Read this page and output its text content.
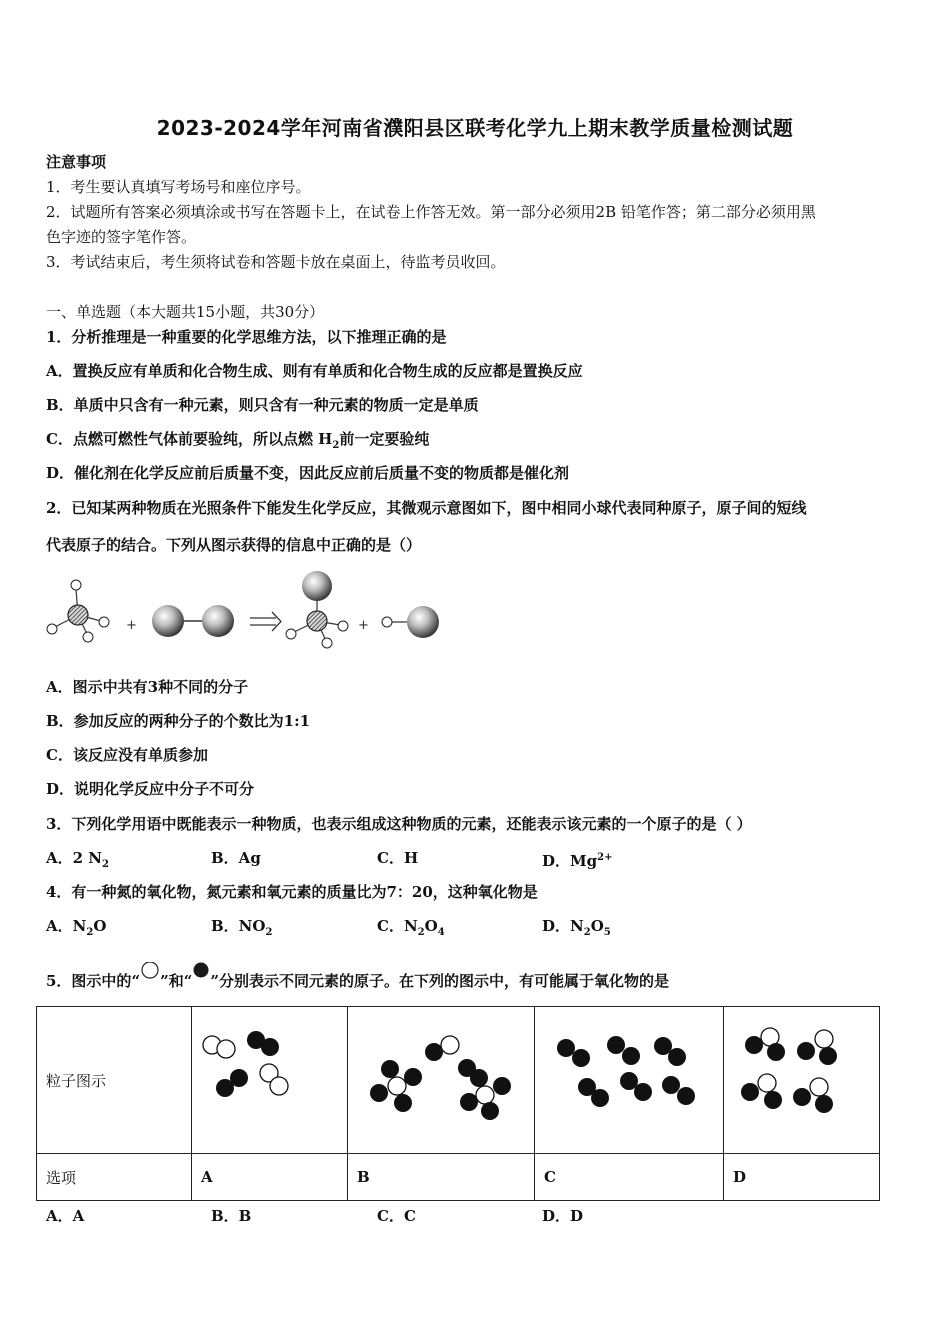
2023-2024学年河南省濮阳县区联考化学九上期末教学质量检测试题
注意事项
1．考生要认真填写考场号和座位序号。
2．试题所有答案必须填涂或书写在答题卡上，在试卷上作答无效。第一部分必须用2B 铅笔作答；第二部分必须用黑
色字迹的签字笔作答。
3．考试结束后，考生须将试卷和答题卡放在桌面上，待监考员收回。
一、单选题（本大题共15小题，共30分）
1．分析推理是一种重要的化学思维方法，以下推理正确的是
A．置换反应有单质和化合物生成、则有有单质和化合物生成的反应都是置换反应
B．单质中只含有一种元素，则只含有一种元素的物质一定是单质
C．点燃可燃性气体前要验纯，所以点燃 $H_2$前一定要验纯
D．催化剂在化学反应前后质量不变，因此反应前后质量不变的物质都是催化剂
2．已知某两种物质在光照条件下能发生化学反应，其微观示意图如下，图中相同小球代表同种原子，原子间的短线
代表原子的结合。下列从图示获得的信息中正确的是（）
+	+
A．图示中共有3种不同的分子
B．参加反应的两种分子的个数比为1:1
C．该反应没有单质参加
D．说明化学反应中分子不可分
3．下列化学用语中既能表示一种物质，也表示组成这种物质的元素，还能表示该元素的一个原子的是（ ）
A．2 $N_2$	B．Ag	C．H	D．$Mg^{2+}$
4．有一种氮的氧化物，氮元素和氧元素的质量比为7：20，这种氧化物是
A．$N_2O$	B．$NO_2$	C．$N_2O_4$	D．$N_2O_5$
5．图示中的“ ”和“ ”分别表示不同元素的原子。在下列的图示中，有可能属于氧化物的是
粒子图示	

选项	A	B	C	D
A．A	B．B	C．C	D．D
